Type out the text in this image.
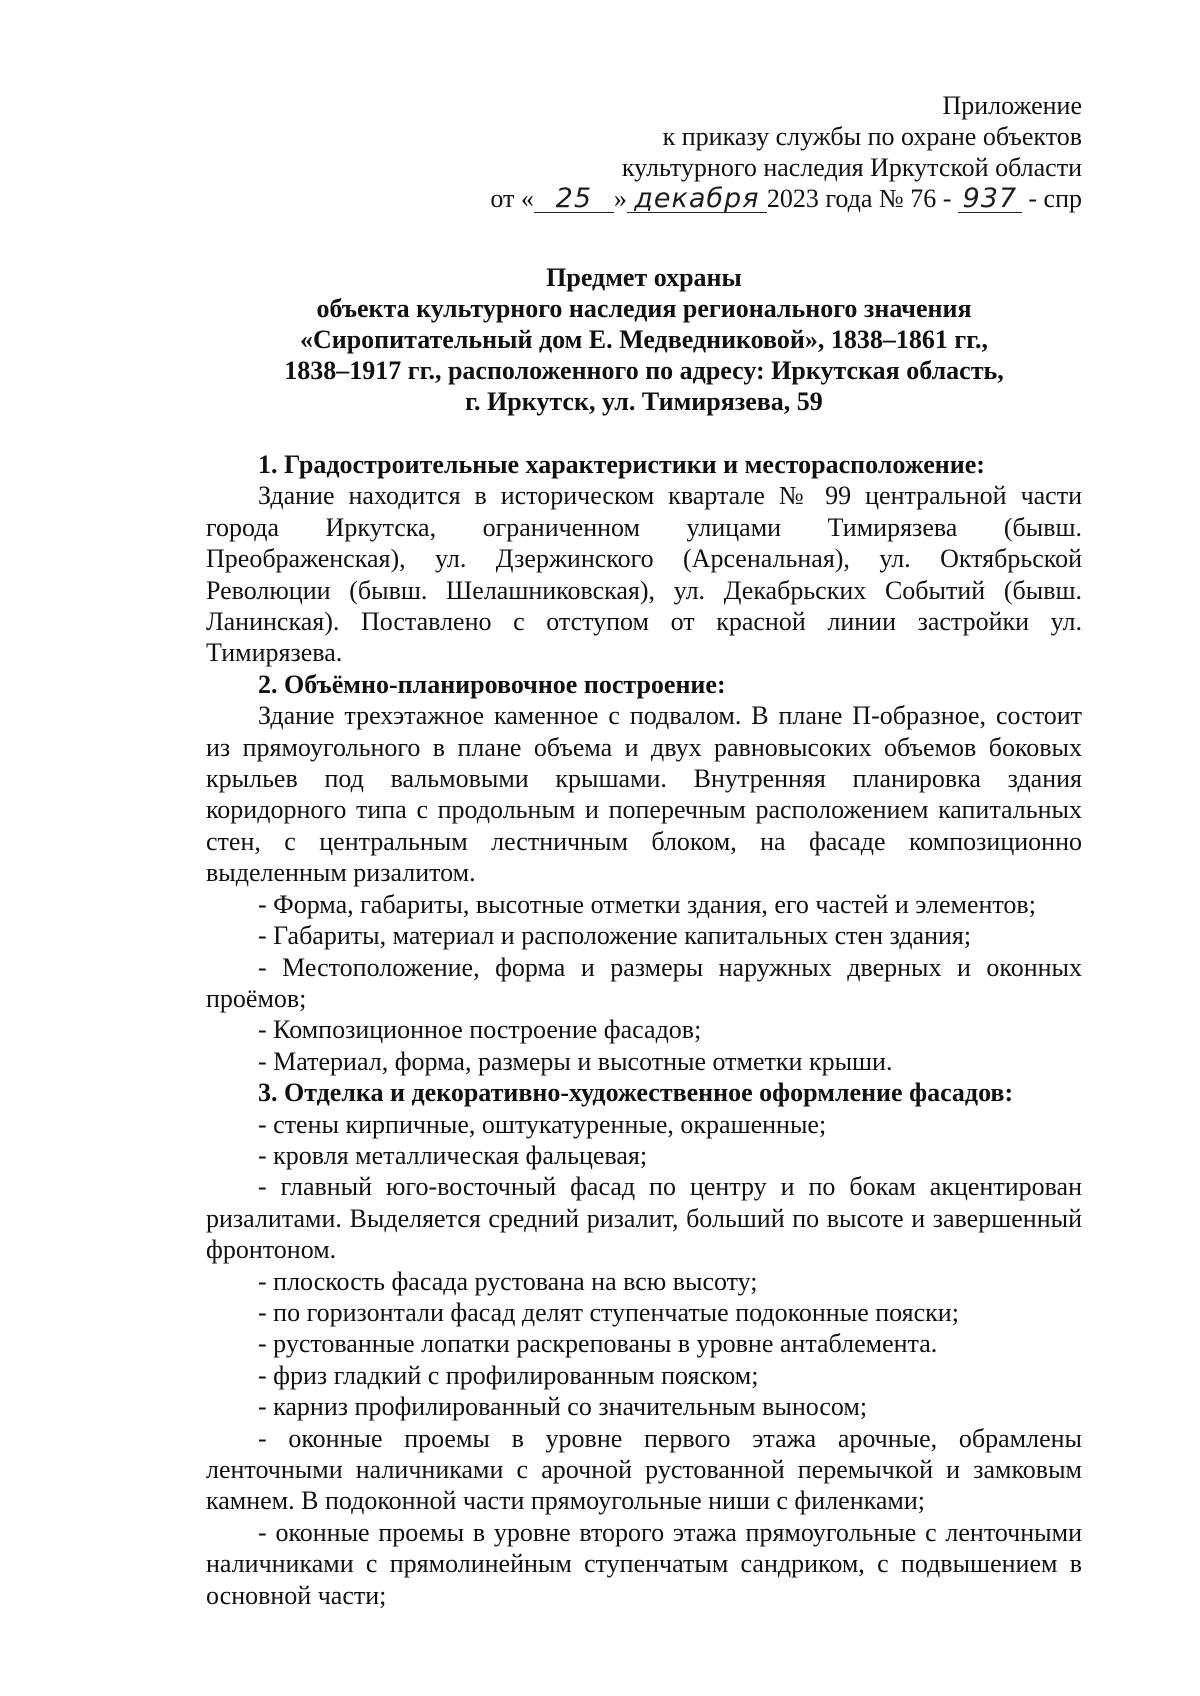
Приложение
к приказу службы по охране объектов
культурного наследия Иркутской области
от « 25 » декабря 2023 года № 76 - 937 - спр
Предмет охраны
объекта культурного наследия регионального значения
«Сиропитательный дом Е. Медведниковой», 1838–1861 гг.,
1838–1917 гг., расположенного по адресу: Иркутская область,
г. Иркутск, ул. Тимирязева, 59

1. Градостроительные характеристики и месторасположение:

Здание находится в историческом квартале № 99 центральной части города Иркутска, ограниченном улицами Тимирязева (бывш. Преображенская), ул. Дзержинского (Арсенальная), ул. Октябрьской Революции (бывш. Шелашниковская), ул. Декабрьских Событий (бывш. Ланинская). Поставлено с отступом от красной линии застройки ул. Тимирязева.

2. Объёмно-планировочное построение:

Здание трехэтажное каменное с подвалом. В плане П-образное, состоит из прямоугольного в плане объема и двух равновысоких объемов боковых крыльев под вальмовыми крышами. Внутренняя планировка здания коридорного типа с продольным и поперечным расположением капитальных стен, с центральным лестничным блоком, на фасаде композиционно выделенным ризалитом.

- Форма, габариты, высотные отметки здания, его частей и элементов;

- Габариты, материал и расположение капитальных стен здания;

- Местоположение, форма и размеры наружных дверных и оконных проёмов;

- Композиционное построение фасадов;

- Материал, форма, размеры и высотные отметки крыши.

3. Отделка и декоративно-художественное оформление фасадов:

- стены кирпичные, оштукатуренные, окрашенные;

- кровля металлическая фальцевая;

- главный юго-восточный фасад по центру и по бокам акцентирован ризалитами. Выделяется средний ризалит, больший по высоте и завершенный фронтоном.

- плоскость фасада рустована на всю высоту;

- по горизонтали фасад делят ступенчатые подоконные пояски;

- рустованные лопатки раскрепованы в уровне антаблемента.

- фриз гладкий с профилированным пояском;

- карниз профилированный со значительным выносом;

- оконные проемы в уровне первого этажа арочные, обрамлены ленточными наличниками с арочной рустованной перемычкой и замковым камнем. В подоконной части прямоугольные ниши с филенками;

- оконные проемы в уровне второго этажа прямоугольные с ленточными наличниками с прямолинейным ступенчатым сандриком, с подвышением в основной части;
